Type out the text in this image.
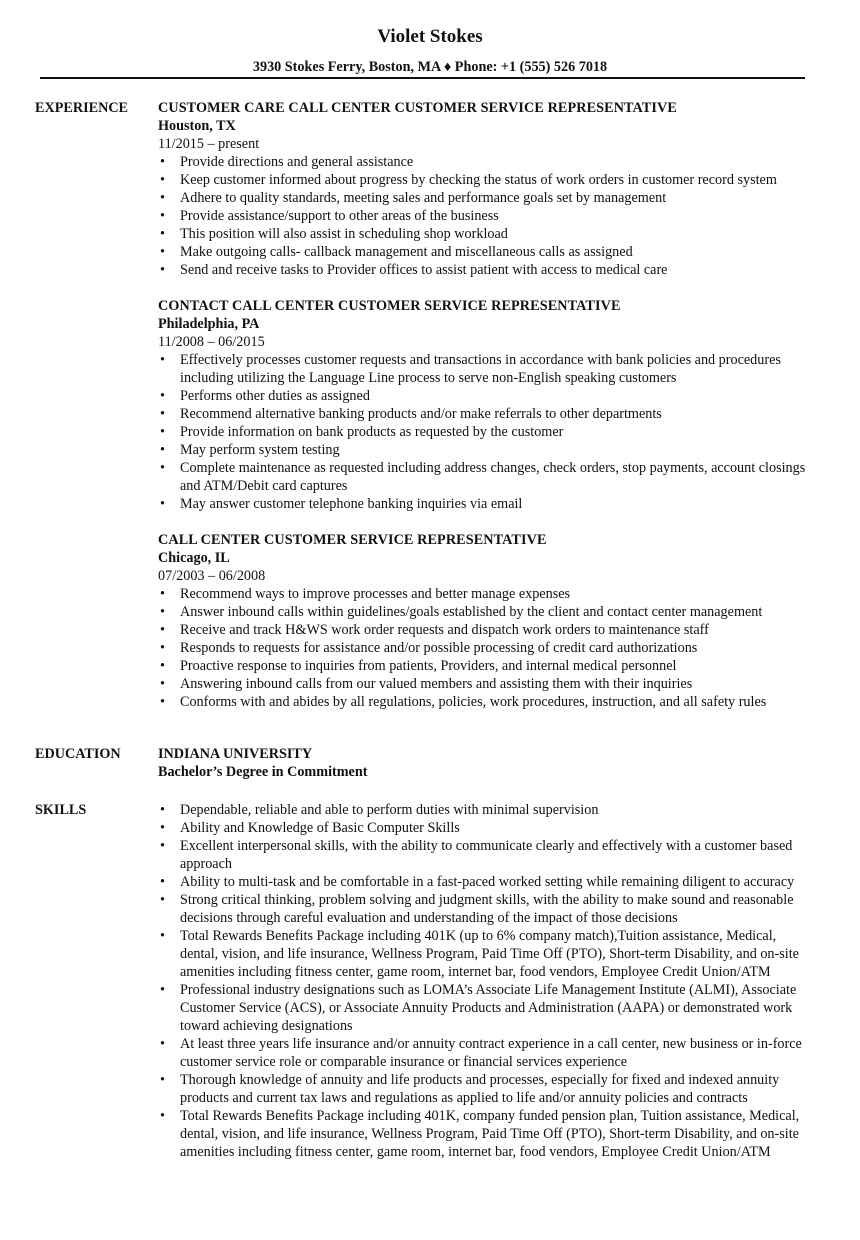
Violet Stokes
3930 Stokes Ferry, Boston, MA ♦ Phone: +1 (555) 526 7018
EXPERIENCE CUSTOMER CARE CALL CENTER CUSTOMER SERVICE REPRESENTATIVE
Houston, TX
11/2015 – present
• Provide directions and general assistance
• Keep customer informed about progress by checking the status of work orders in customer record system
• Adhere to quality standards, meeting sales and performance goals set by management
• Provide assistance/support to other areas of the business
• This position will also assist in scheduling shop workload
• Make outgoing calls- callback management and miscellaneous calls as assigned
• Send and receive tasks to Provider offices to assist patient with access to medical care
CONTACT CALL CENTER CUSTOMER SERVICE REPRESENTATIVE
Philadelphia, PA
11/2008 – 06/2015
• Effectively processes customer requests and transactions in accordance with bank policies and procedures including utilizing the Language Line process to serve non-English speaking customers
• Performs other duties as assigned
• Recommend alternative banking products and/or make referrals to other departments
• Provide information on bank products as requested by the customer
• May perform system testing
• Complete maintenance as requested including address changes, check orders, stop payments, account closings and ATM/Debit card captures
• May answer customer telephone banking inquiries via email
CALL CENTER CUSTOMER SERVICE REPRESENTATIVE
Chicago, IL
07/2003 – 06/2008
• Recommend ways to improve processes and better manage expenses
• Answer inbound calls within guidelines/goals established by the client and contact center management
• Receive and track H&WS work order requests and dispatch work orders to maintenance staff
• Responds to requests for assistance and/or possible processing of credit card authorizations
• Proactive response to inquiries from patients, Providers, and internal medical personnel
• Answering inbound calls from our valued members and assisting them with their inquiries
• Conforms with and abides by all regulations, policies, work procedures, instruction, and all safety rules
EDUCATION	INDIANA UNIVERSITY
Bachelor’s Degree in Commitment
SKILLS	• Dependable, reliable and able to perform duties with minimal supervision
• Ability and Knowledge of Basic Computer Skills
• Excellent interpersonal skills, with the ability to communicate clearly and effectively with a customer based approach
• Ability to multi-task and be comfortable in a fast-paced worked setting while remaining diligent to accuracy
• Strong critical thinking, problem solving and judgment skills, with the ability to make sound and reasonable decisions through careful evaluation and understanding of the impact of those decisions
• Total Rewards Benefits Package including 401K (up to 6% company match),Tuition assistance, Medical, dental, vision, and life insurance, Wellness Program, Paid Time Off (PTO), Short-term Disability, and on-site amenities including fitness center, game room, internet bar, food vendors, Employee Credit Union/ATM
• Professional industry designations such as LOMA’s Associate Life Management Institute (ALMI), Associate Customer Service (ACS), or Associate Annuity Products and Administration (AAPA) or demonstrated work toward achieving designations
• At least three years life insurance and/or annuity contract experience in a call center, new business or in-force customer service role or comparable insurance or financial services experience
• Thorough knowledge of annuity and life products and processes, especially for fixed and indexed annuity products and current tax laws and regulations as applied to life and/or annuity policies and contracts
• Total Rewards Benefits Package including 401K, company funded pension plan, Tuition assistance, Medical, dental, vision, and life insurance, Wellness Program, Paid Time Off (PTO), Short-term Disability, and on-site amenities including fitness center, game room, internet bar, food vendors, Employee Credit Union/ATM
